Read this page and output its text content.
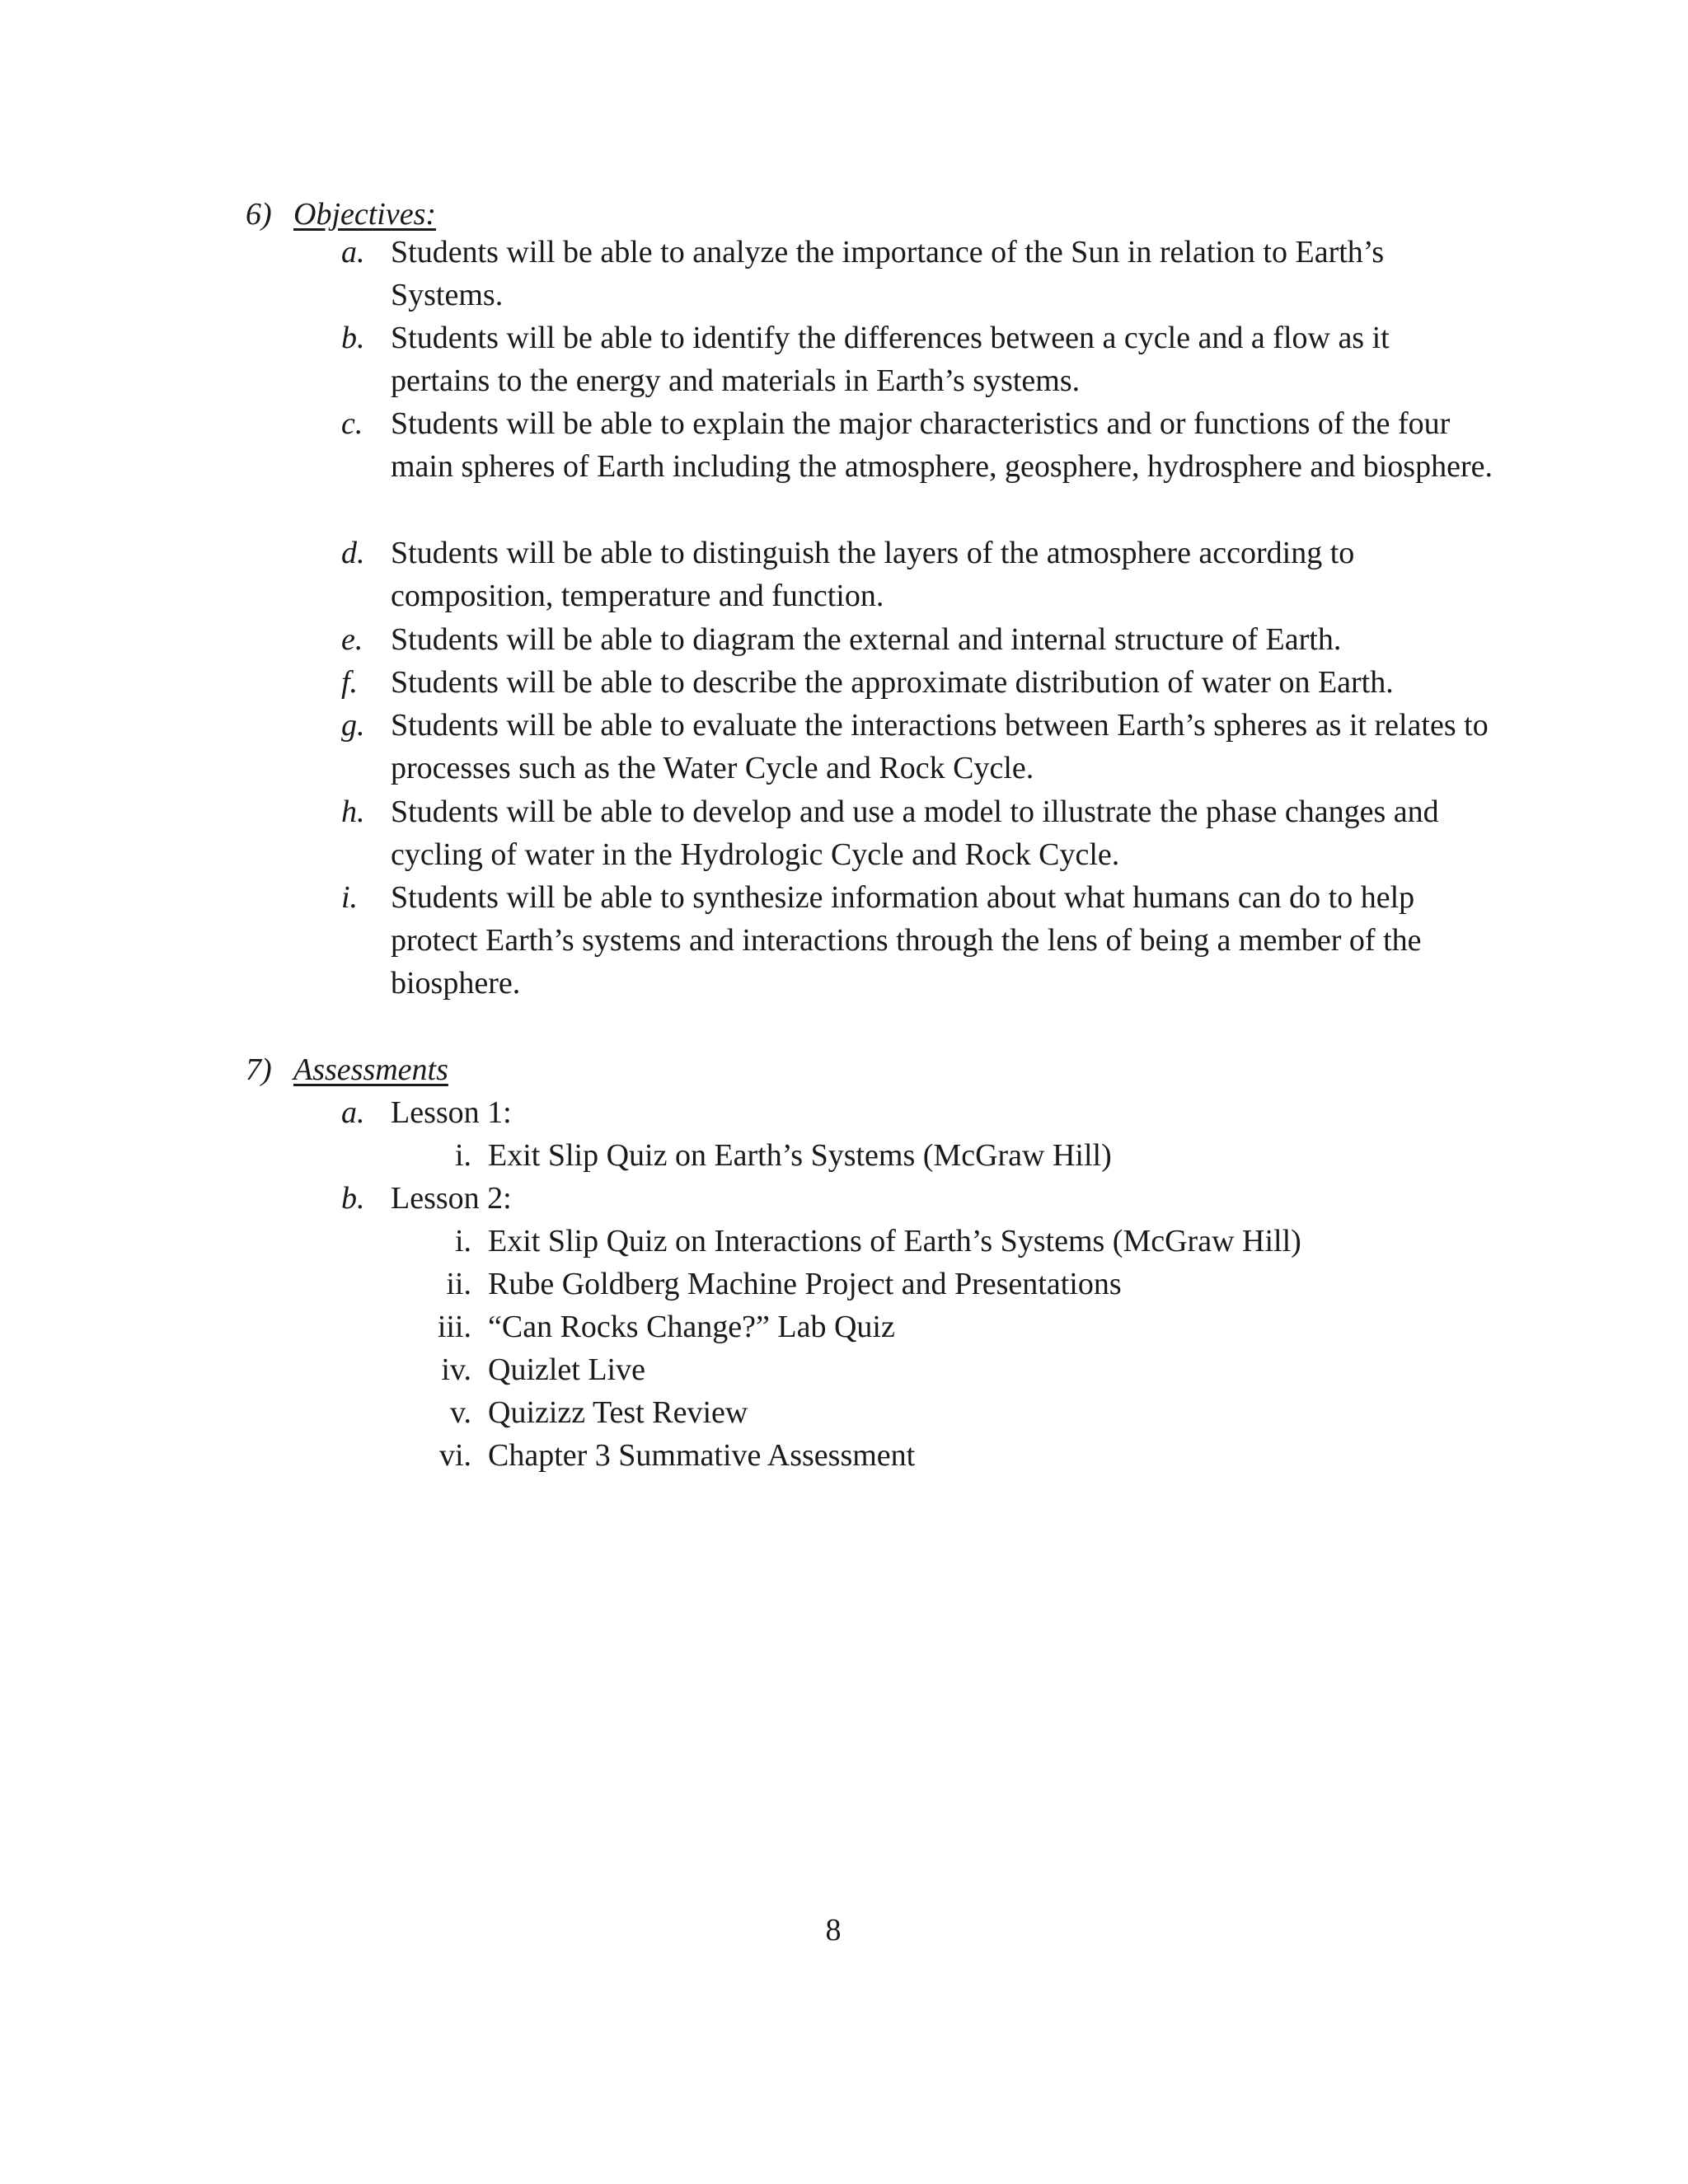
6) Objectives:
a. Students will be able to analyze the importance of the Sun in relation to Earth’s Systems.
b. Students will be able to identify the differences between a cycle and a flow as it pertains to the energy and materials in Earth’s systems.
c. Students will be able to explain the major characteristics and or functions of the four main spheres of Earth including the atmosphere, geosphere, hydrosphere and biosphere.
d. Students will be able to distinguish the layers of the atmosphere according to composition, temperature and function.
e. Students will be able to diagram the external and internal structure of Earth.
f.	Students will be able to describe the approximate distribution of water on Earth.
g. Students will be able to evaluate the interactions between Earth’s spheres as it relates to processes such as the Water Cycle and Rock Cycle.
h. Students will be able to develop and use a model to illustrate the phase changes and cycling of water in the Hydrologic Cycle and Rock Cycle.
i.	Students will be able to synthesize information about what humans can do to help protect Earth’s systems and interactions through the lens of being a member of the biosphere.
7) Assessments
a. Lesson 1:
i. Exit Slip Quiz on Earth’s Systems (McGraw Hill)
b. Lesson 2:
i. Exit Slip Quiz on Interactions of Earth’s Systems (McGraw Hill)
ii. Rube Goldberg Machine Project and Presentations
iii. “Can Rocks Change?” Lab Quiz
iv. Quizlet Live
v. Quizizz Test Review
vi. Chapter 3 Summative Assessment
8
